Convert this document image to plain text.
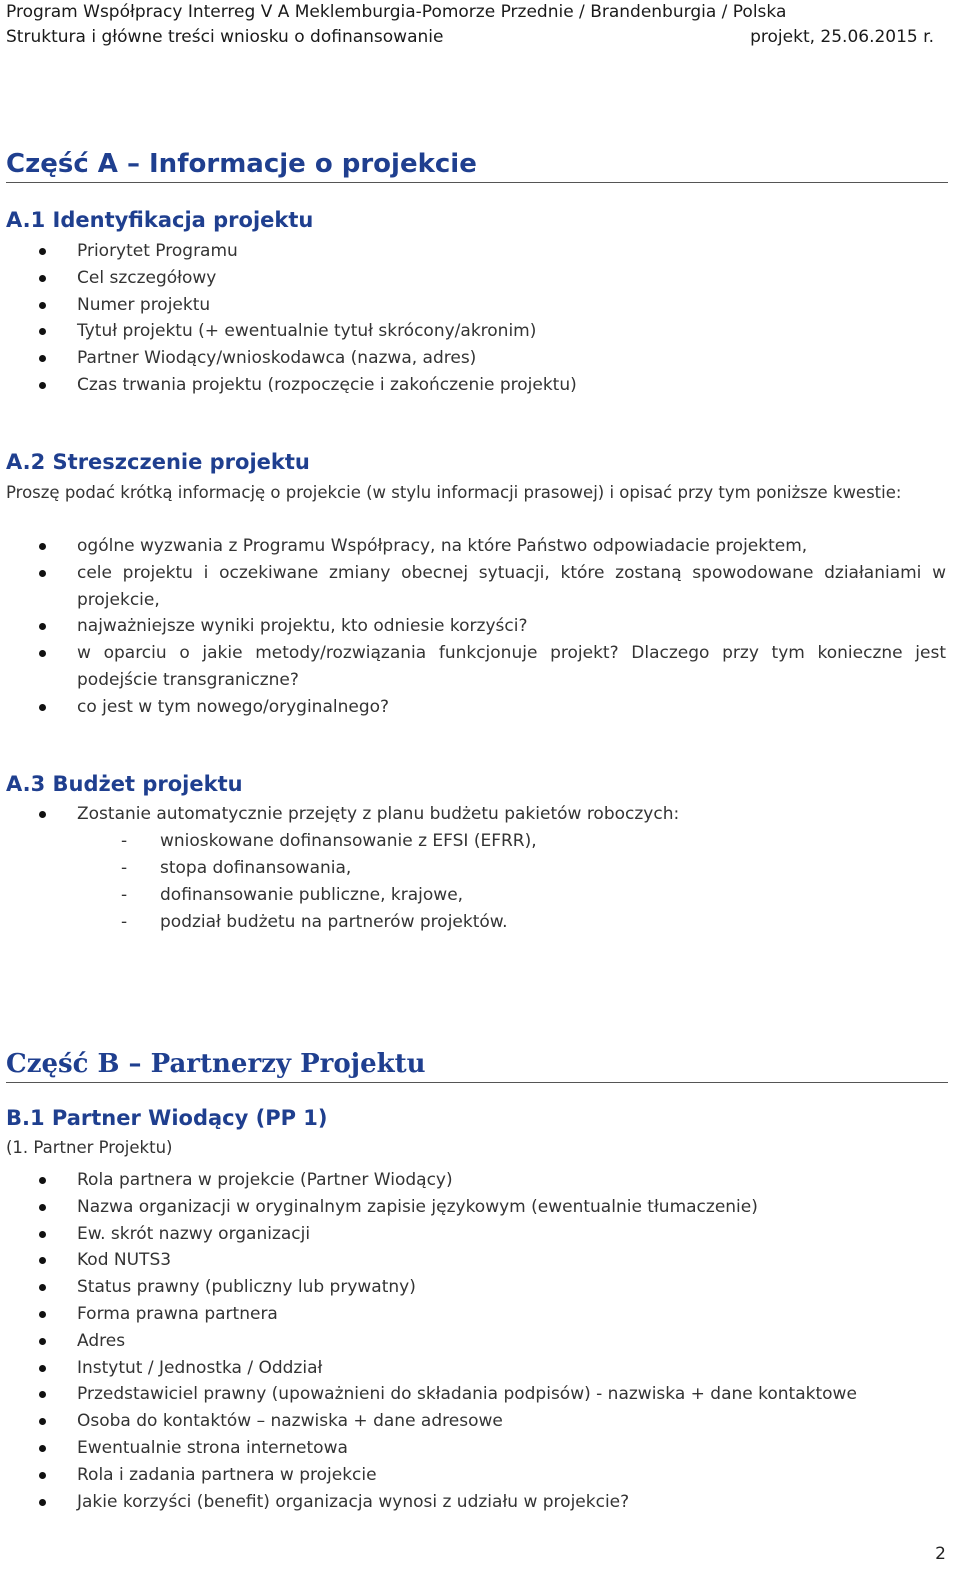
Program Współpracy Interreg V A Meklemburgia-Pomorze Przednie / Brandenburgia / Polska
Struktura i główne treści wniosku o dofinansowanie	projekt, 25.06.2015 r.
Część A – Informacje o projekcie
A.1 Identyfikacja projektu
Priorytet Programu
Cel szczegółowy
Numer projektu
Tytuł projektu (+ ewentualnie tytuł skrócony/akronim)
Partner Wiodący/wnioskodawca (nazwa, adres)
Czas trwania projektu (rozpoczęcie i zakończenie projektu)
A.2 Streszczenie projektu
Proszę podać krótką informację o projekcie (w stylu informacji prasowej) i opisać przy tym poniższe kwestie:
ogólne wyzwania z Programu Współpracy, na które Państwo odpowiadacie projektem,
cele projektu i oczekiwane zmiany obecnej sytuacji, które zostaną spowodowane działaniami w projekcie,
najważniejsze wyniki projektu, kto odniesie korzyści?
w oparciu o jakie metody/rozwiązania funkcjonuje projekt? Dlaczego przy tym konieczne jest podejście transgraniczne?
co jest w tym nowego/oryginalnego?
A.3 Budżet projektu
Zostanie automatycznie przejęty z planu budżetu pakietów roboczych:
- wnioskowane dofinansowanie z EFSI (EFRR),
- stopa dofinansowania,
- dofinansowanie publiczne, krajowe,
- podział budżetu na partnerów projektów.
Część B – Partnerzy Projektu
B.1 Partner Wiodący (PP 1)
(1. Partner Projektu)
Rola partnera w projekcie (Partner Wiodący)
Nazwa organizacji w oryginalnym zapisie językowym (ewentualnie tłumaczenie)
Ew. skrót nazwy organizacji
Kod NUTS3
Status prawny (publiczny lub prywatny)
Forma prawna partnera
Adres
Instytut / Jednostka / Oddział
Przedstawiciel prawny (upoważnieni do składania podpisów) - nazwiska + dane kontaktowe
Osoba do kontaktów – nazwiska + dane adresowe
Ewentualnie strona internetowa
Rola i zadania partnera w projekcie
Jakie korzyści (benefit) organizacja wynosi z udziału w projekcie?
2
